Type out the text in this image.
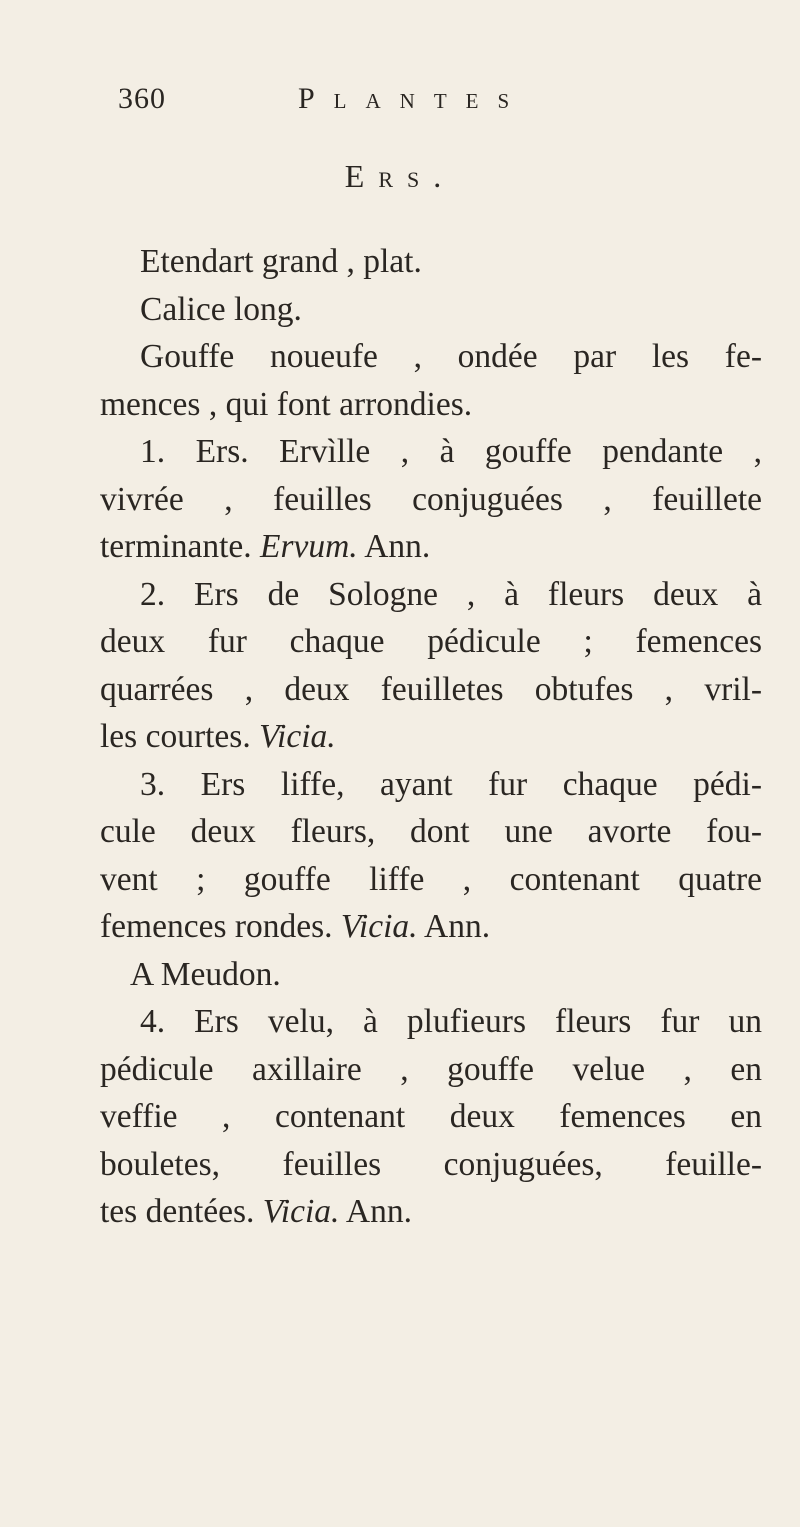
360	Plantes
Ers.
Etendart grand , plat.
Calice long.
Gouffe noueufe , ondée par les fe-
mences , qui font arrondies.
1. Ers. Ervìlle , à gouffe pendante ,
vivrée , feuilles conjuguées , feuillete
terminante. Ervum. Ann.
2. Ers de Sologne , à fleurs deux à
deux fur chaque pédicule ; femences
quarrées , deux feuilletes obtufes , vril-
les courtes. Vicia.
3. Ers liffe, ayant fur chaque pédi-
cule deux fleurs, dont une avorte fou-
vent ; gouffe liffe , contenant quatre
femences rondes. Vicia. Ann.
A Meudon.
4. Ers velu, à plufieurs fleurs fur un
pédicule axillaire , gouffe velue , en
veffie , contenant deux femences en
bouletes, feuilles conjuguées, feuille-
tes dentées. Vicia. Ann.
